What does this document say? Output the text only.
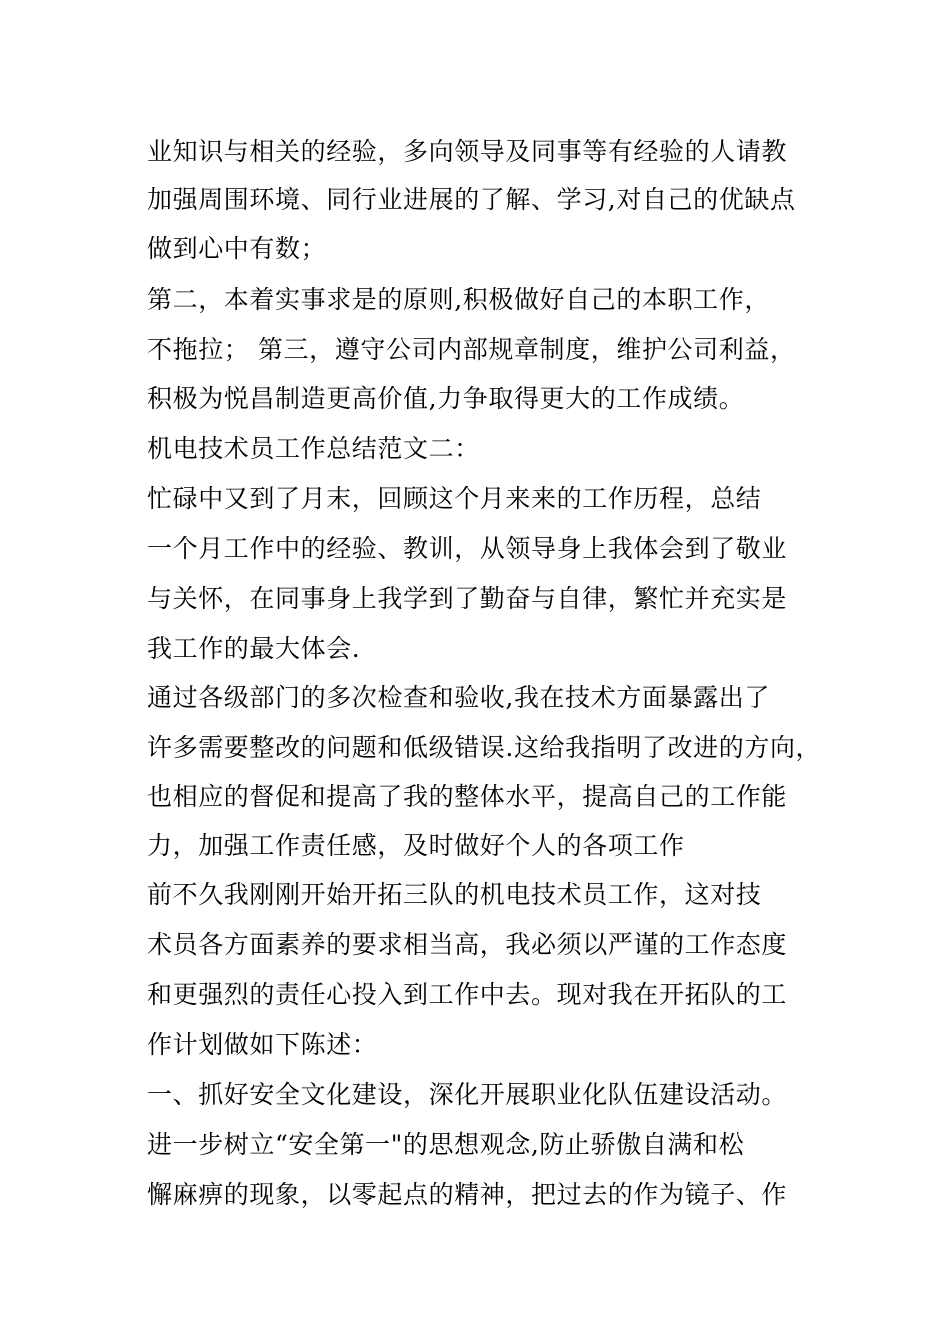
业知识与相关的经验，多向领导及同事等有经验的人请教
加强周围环境、同行业进展的了解、学习,对自己的优缺点
做到心中有数；
第二，本着实事求是的原则,积极做好自己的本职工作，
不拖拉； 第三，遵守公司内部规章制度，维护公司利益，
积极为悦昌制造更高价值,力争取得更大的工作成绩。
机电技术员工作总结范文二：
忙碌中又到了月末，回顾这个月来来的工作历程，总结
一个月工作中的经验、教训，从领导身上我体会到了敬业
与关怀，在同事身上我学到了勤奋与自律，繁忙并充实是
我工作的最大体会.
通过各级部门的多次检查和验收,我在技术方面暴露出了
许多需要整改的问题和低级错误.这给我指明了改进的方向，
也相应的督促和提高了我的整体水平，提高自己的工作能
力，加强工作责任感，及时做好个人的各项工作
前不久我刚刚开始开拓三队的机电技术员工作，这对技
术员各方面素养的要求相当高，我必须以严谨的工作态度
和更强烈的责任心投入到工作中去。现对我在开拓队的工
作计划做如下陈述：
一、抓好安全文化建设，深化开展职业化队伍建设活动。
进一步树立“安全第一"的思想观念,防止骄傲自满和松
懈麻痹的现象，以零起点的精神，把过去的作为镜子、作
